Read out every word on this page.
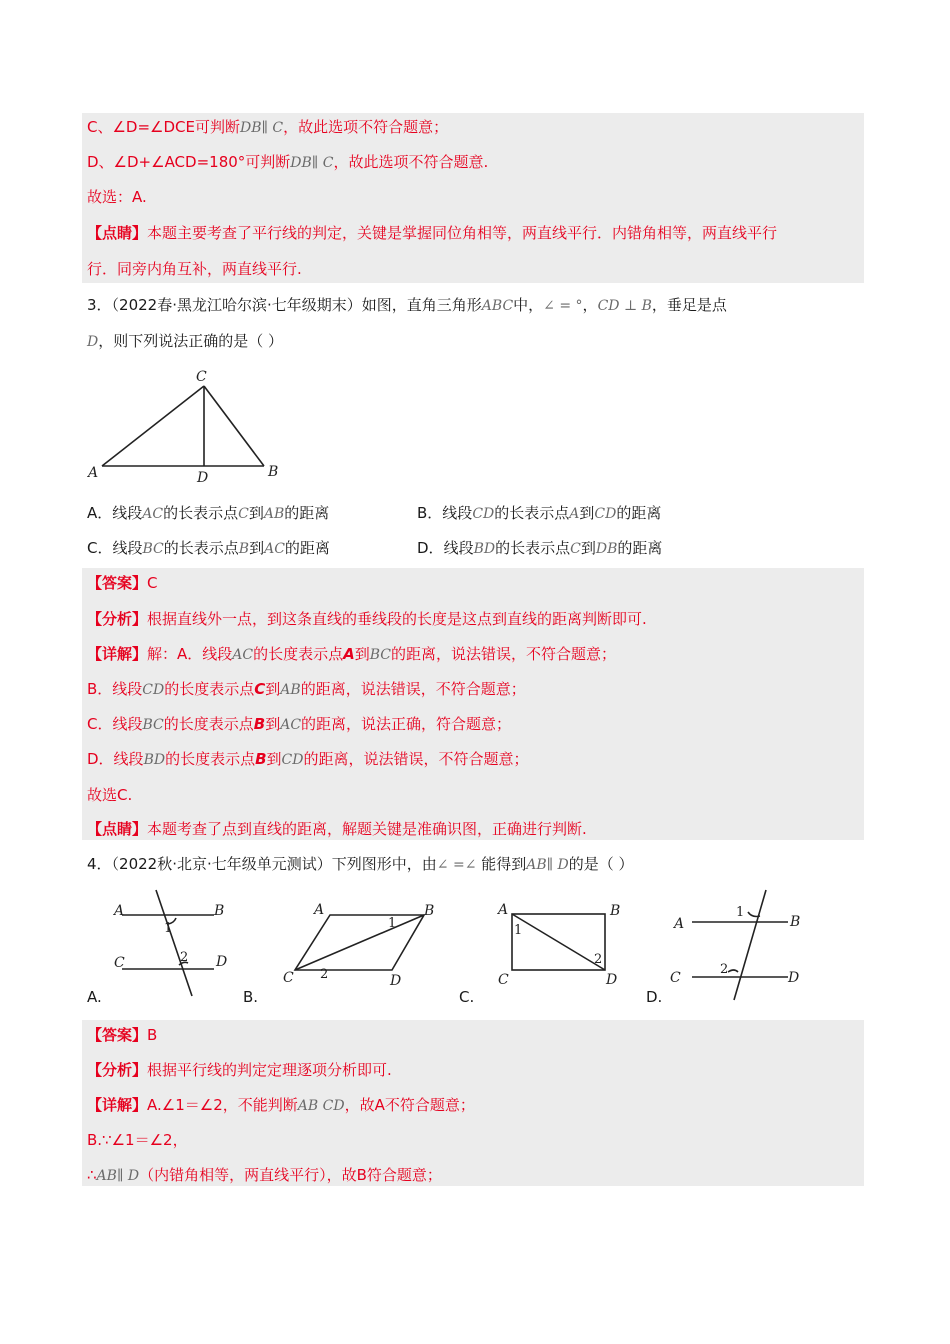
C、∠D=∠DCE可判断DB∥ C，故此选项不符合题意；
D、∠D+∠ACD=180°可判断DB∥ C，故此选项不符合题意.
故选：A.
【点睛】本题主要考查了平行线的判定，关键是掌握同位角相等，两直线平行．内错角相等，两直线平行
行．同旁内角互补，两直线平行.
3．（2022春·黑龙江哈尔滨·七年级期末）如图，直角三角形ABC中，∠ = °，CD ⊥ B，垂足是点
D，则下列说法正确的是（ ）
A	B
C
D
A．线段AC的长表示点C到AB的距离	B．线段CD的长表示点A到CD的距离
C．线段BC的长表示点B到AC的距离	D．线段BD的长表示点C到DB的距离
【答案】C
【分析】根据直线外一点，到这条直线的垂线段的长度是这点到直线的距离判断即可.
【详解】解：A．线段AC的长度表示点A到BC的距离，说法错误，不符合题意；
B．线段CD的长度表示点C到AB的距离，说法错误，不符合题意；
C．线段BC的长度表示点B到AC的距离，说法正确，符合题意；
D．线段BD的长度表示点B到CD的距离，说法错误，不符合题意；
故选C.
【点睛】本题考查了点到直线的距离，解题关键是准确识图，正确进行判断.
4．（2022秋·北京·七年级单元测试）下列图形中，由∠ =∠ 能得到AB∥ D的是（ ）
A	B
C	D
1
2
A	B
C	D
1
2
A	B
C	D
1
2
A	B
C	D
1
2
A.	B.	C.	D.
【答案】B
【分析】根据平行线的判定定理逐项分析即可.
【详解】A.∠1＝∠2，不能判断AB CD，故A不符合题意；
B.∵∠1＝∠2，
∴AB∥ D（内错角相等，两直线平行），故B符合题意；
